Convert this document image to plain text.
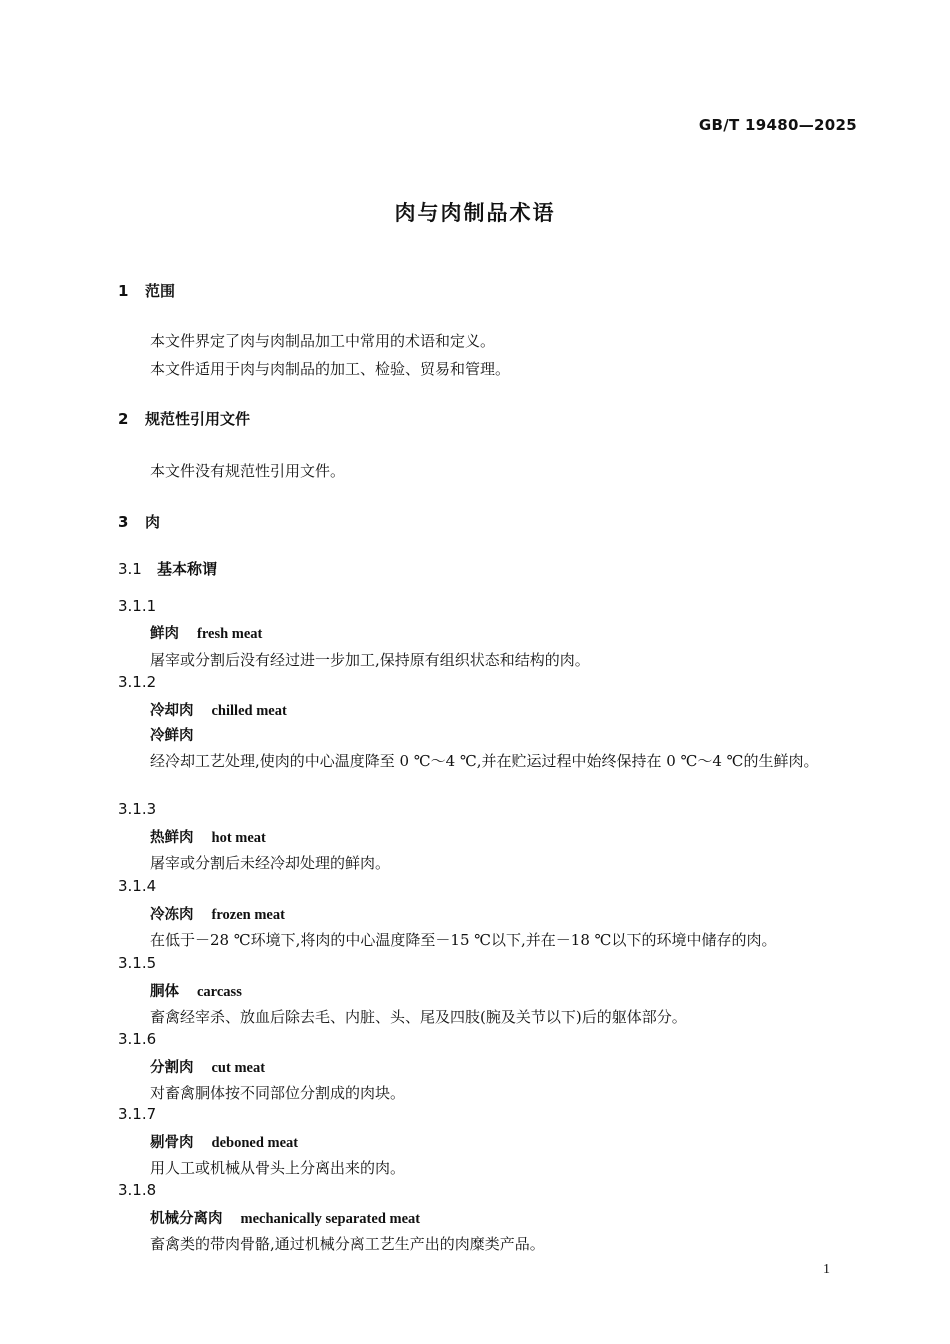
GB/T 19480—2025
肉与肉制品术语
1 范围
本文件界定了肉与肉制品加工中常用的术语和定义。
本文件适用于肉与肉制品的加工、检验、贸易和管理。
2 规范性引用文件
本文件没有规范性引用文件。
3 肉
3.1 基本称谓
3.1.1
鲜肉 fresh meat
屠宰或分割后没有经过进一步加工,保持原有组织状态和结构的肉。
3.1.2
冷却肉 chilled meat
冷鲜肉
经冷却工艺处理,使肉的中心温度降至 0 ℃～4 ℃,并在贮运过程中始终保持在 0 ℃～4 ℃的生鲜肉。
3.1.3
热鲜肉 hot meat
屠宰或分割后未经冷却处理的鲜肉。
3.1.4
冷冻肉 frozen meat
在低于－28 ℃环境下,将肉的中心温度降至－15 ℃以下,并在－18 ℃以下的环境中储存的肉。
3.1.5
胴体 carcass
畜禽经宰杀、放血后除去毛、内脏、头、尾及四肢(腕及关节以下)后的躯体部分。
3.1.6
分割肉 cut meat
对畜禽胴体按不同部位分割成的肉块。
3.1.7
剔骨肉 deboned meat
用人工或机械从骨头上分离出来的肉。
3.1.8
机械分离肉 mechanically separated meat
畜禽类的带肉骨骼,通过机械分离工艺生产出的肉糜类产品。
1
